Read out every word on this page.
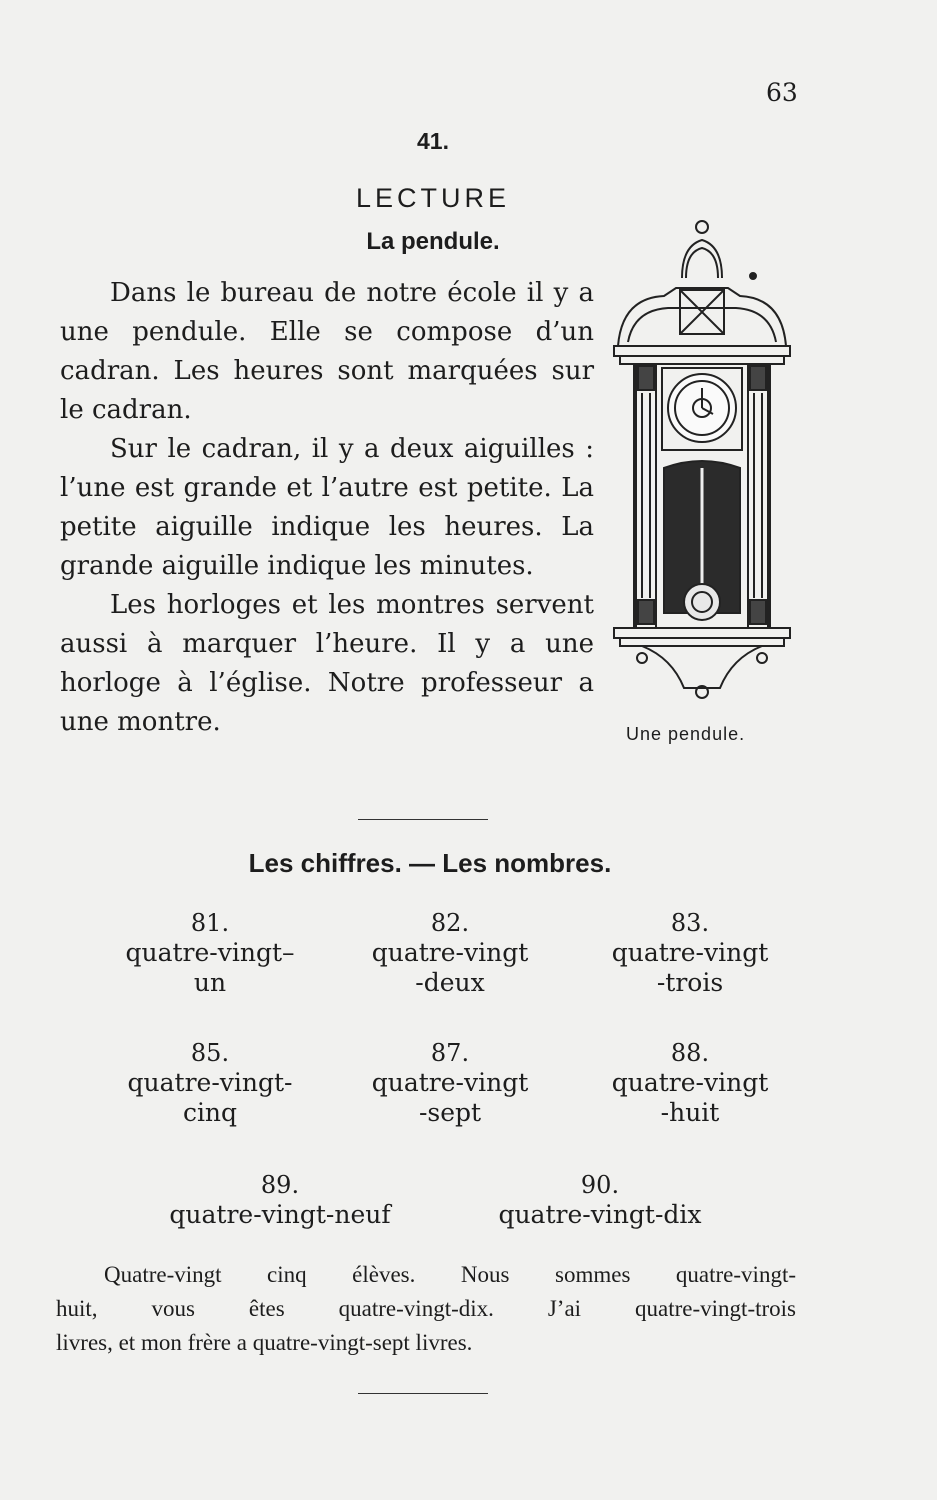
63
41.
LECTURE
La pendule.

Dans le bureau de notre école il y a une pendule. Elle se compose d’un cadran. Les heures sont marquées sur le cadran.

Sur le cadran, il y a deux aiguilles : l’une est grande et l’autre est petite. La petite aiguille indique les heures. La grande aiguille indique les minutes.

Les horloges et les montres servent aussi à marquer l’heure. Il y a une horloge à l’église. Notre professeur a une montre.	Une pendule.
Les chiffres. — Les nombres.
81.
quatre-vingt–
un
82.
quatre-vingt
-deux
83.
quatre-vingt
-trois
85.
quatre-vingt-
cinq
87.
quatre-vingt
-sept
88.
quatre-vingt
-huit
89.
quatre-vingt-neuf
90.
quatre-vingt-dix
Quatre-vingt cinq élèves. Nous sommes quatre-vingt-
huit, vous êtes quatre-vingt-dix. J’ai quatre-vingt-trois
livres, et mon frère a quatre-vingt-sept livres.
